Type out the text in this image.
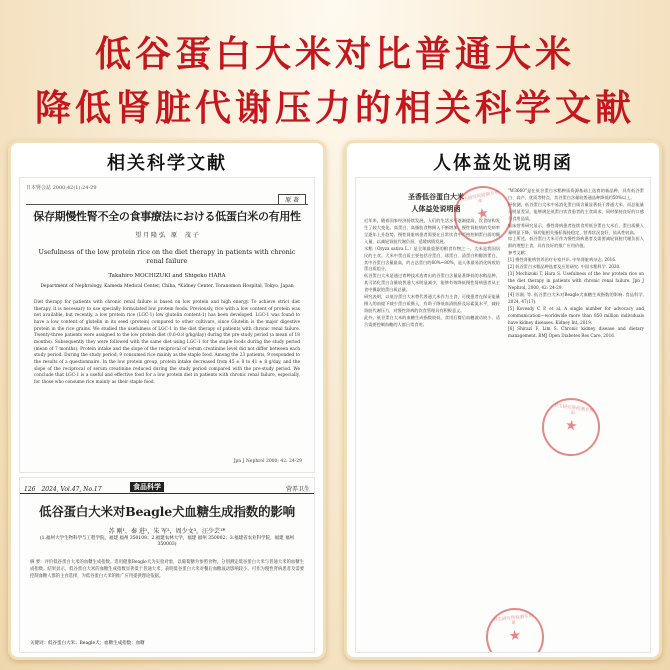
低谷蛋白大米对比普通大米
降低肾脏代谢压力的相关科学文献
相关科学文献
日本腎会誌 2000;42(1):24-29
原 著
保存期慢性腎不全の食事療法における低蛋白米の有用性
望 月 隆 弘　原 　茂 子
Usefulness of the low protein rice on the diet therapy in patients with chronic renal failure
Takahiro MOCHIZUKI and Shigeko HARA
Department of Nephrology, Kameda Medical Center, Chiba, *Kidney Center, Toranomon Hospital, Tokyo, Japan
Diet therapy for patients with chronic renal failure is based on low protein and high energy. To achieve strict diet therapy, it is necessary to use specially formulated low protein foods. Previously, rice with a low content of protein was not available, but recently, a low protein rice (LGC-1) low glutelin content-1) has been developed. LGC-1 was found to have a low content of glutelin in its seed (protein) compared to other cultivars, since Glutelin is the major digestive protein in the rice grains. We studied the usefulness of LGC-1 in the diet therapy of patients with chronic renal failure. Twenty-three patients were assigned to the low protein diet (0.6-0.8 g/kg/day) during the pre-study period (a mean of 18 months). Subsequently they were followed with the same diet using LGC-1 for the staple foods during the study period (mean of 7 months). Protein intake and the slope of the reciprocal of serum creatinine level did not differ between each study period. During the study period, 9 consumed rice mainly as the staple food. Among the 23 patients, 9 responded to the results of a questionnaire. In the low protein group, protein intake decreased from 45 ± 8 to 41 ± 8 g/day, and the slope of the reciprocal of serum creatinine reduced during the study period compared with the pre-study period. We conclude that LGC-1 is a useful and effective food for a low protein diet in patients with chronic renal failure, especially, for those who consume rice mainly as their staple food.
Jpn J Nephrol 2000; 42: 24-29
126　2024, Vol.47, No.17	食品科学	营养卫生
低谷蛋白大米对Beagle犬血糖生成指数的影响
苏 刚¹，秦 进¹，朱 军²，周少文³，汪少芸¹*
(1.福州大学生物科学与工程学院，福建 福州 350108；2.福建农林大学，福建 福州 350002；3.福建省农业科学院，福建 福州 350003)
摘 要：评价低谷蛋白大米的血糖生成指数。选用健康Beagle犬为实验对象，以葡萄糖为参照食物，分别测定低谷蛋白大米与普通大米的血糖生成指数。结果显示，低谷蛋白大米的血糖生成指数显著低于普通大米，表明低谷蛋白大米对餐后血糖波动影响较小，可作为慢性肾病患者及需要控制血糖人群的主食选择，为低谷蛋白大米的推广应用提供理论依据。
关键词：低谷蛋白大米；Beagle犬；血糖生成指数；血糖
人体益处说明函
圣香低谷蛋白大米
人体益处说明函

近年来，随着国家经济持续发展，人们的生活水平逐渐提高，饮食结构发生了较大变化，高蛋白、高脂肪食物摄入不断增加，慢性肾脏病的发病率呈逐年上升趋势。慢性肾脏病患者需要在日常饮食中严格控制蛋白质的摄入量，以减轻肾脏代谢负担，延缓病情发展。

水稻（Oryza sativa L.）是全球最重要的粮食作物之一，大米是我国居民的主食。大米中蛋白质主要包括谷蛋白、球蛋白、清蛋白和醇溶蛋白，其中谷蛋白含量最高，约占总蛋白的60%~80%，是人体最易消化吸收的蛋白质组分。

低谷蛋白大米是通过育种技术选育出的谷蛋白含量显著降低的水稻品种，其可消化蛋白含量较普通大米明显减少，能够有效降低慢性肾病患者从主食中摄取的蛋白质总量。

研究表明，以低谷蛋白大米替代普通大米作为主食，可使患者在保证能量摄入的前提下减少蛋白质摄入，有助于降低血清肌酐及尿素氮水平，减轻肾脏代谢压力，对慢性肾病的饮食管理具有积极意义。

此外，低谷蛋白大米的血糖生成指数较低，食用后餐后血糖波动较小，适合需要控制血糖的人群日常食用。

"W3660"是在低谷蛋白水稻种质资源基础上选育的新品种，具有低谷蛋白、高产、优质等特点，其谷蛋白含量较普通品种降低约50%以上。

经检测，低谷蛋白大米中易消化蛋白质含量显著低于普通大米，而总能量无明显差异，能够满足低蛋白饮食患者的主食需求，同时保持良好的口感与食用品质。

临床营养研究显示，慢性肾病患者连续食用低谷蛋白大米后，蛋白质摄入量明显下降，肾功能相关指标保持稳定，营养状况良好，依从性较高。

综上所述，低谷蛋白大米可作为慢性肾病患者及需要减轻肾脏代谢负担人群的理想主食，具有良好的推广应用价值。

参考文献：
[1] 慢性肾脏病营养治疗专家共识. 中华肾脏病杂志, 2016.
[2] 低谷蛋白水稻品种选育及应用研究. 中国水稻科学, 2020.
[3] Mochizuki T, Hara S. Usefulness of the low protein rice on the diet therapy in patients with chronic renal failure. Jpn J Nephrol, 2000, 42: 24-29.
[4] 苏刚, 等. 低谷蛋白大米对Beagle犬血糖生成指数的影响. 食品科学, 2024, 47(17).
[5] Kovesdy C P, et al. A single number for advocacy and communication—worldwide more than 850 million individuals have kidney diseases. Kidney Int, 2019.
[6] Shirazi F, Lim S. Chronic kidney disease and dietary management. BMJ Open Diabetes Res Care, 2016.
卫生研究所检测专用章
★
卫生研究所检测专用章
★
卫生研究所检测专用章
★
